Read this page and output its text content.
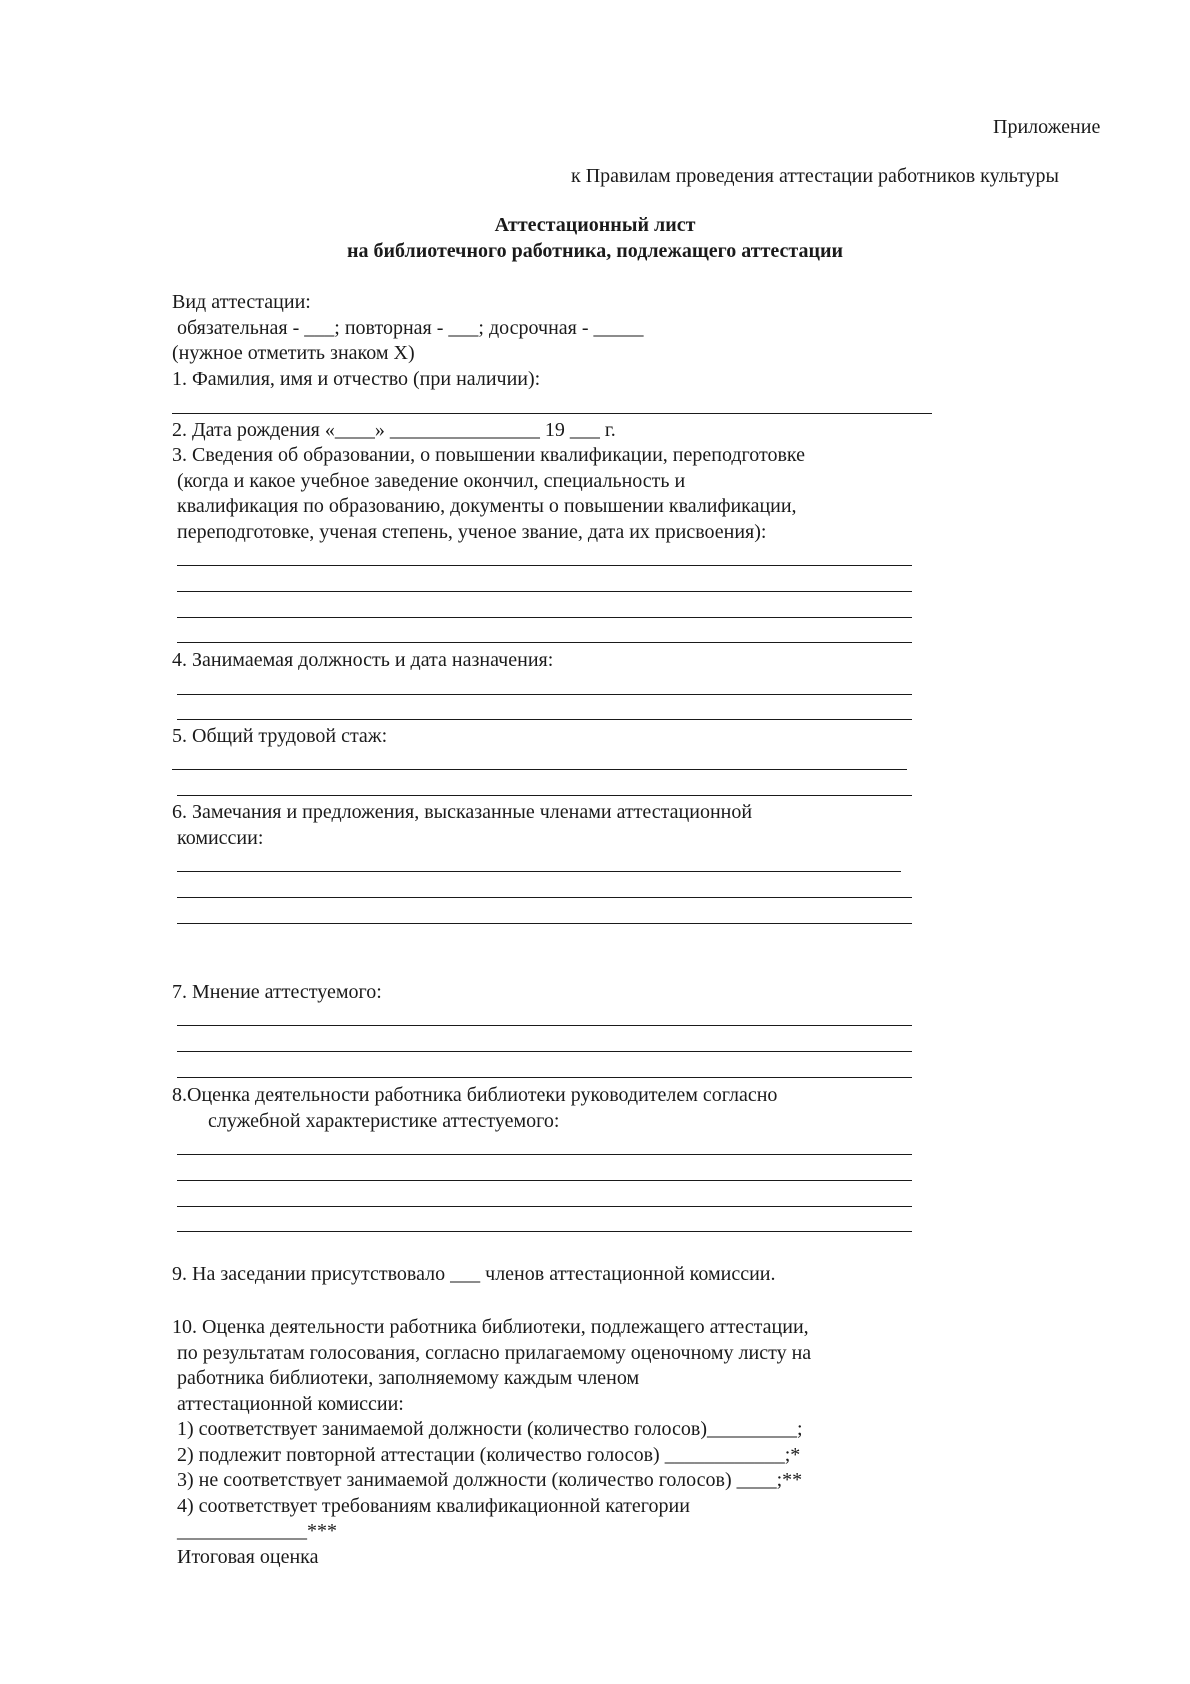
Приложение
к Правилам проведения аттестации работников культуры
Аттестационный лист
на библиотечного работника, подлежащего аттестации
Вид аттестации:
обязательная - ___; повторная - ___; досрочная - _____
(нужное отметить знаком Х)
1. Фамилия, имя и отчество (при наличии):
2. Дата рождения «____» _______________ 19 ___ г.
3. Сведения об образовании, о повышении квалификации, переподготовке
(когда и какое учебное заведение окончил, специальность и
квалификация по образованию, документы о повышении квалификации,
переподготовке, ученая степень, ученое звание, дата их присвоения):
4. Занимаемая должность и дата назначения:
5. Общий трудовой стаж:
6. Замечания и предложения, высказанные членами аттестационной
комиссии:
7. Мнение аттестуемого:
8.Оценка деятельности работника библиотеки руководителем согласно
служебной характеристике аттестуемого:
9. На заседании присутствовало ___ членов аттестационной комиссии.
10. Оценка деятельности работника библиотеки, подлежащего аттестации,
по результатам голосования, согласно прилагаемому оценочному листу на
работника библиотеки, заполняемому каждым членом
аттестационной комиссии:
1) соответствует занимаемой должности (количество голосов)_________;
2) подлежит повторной аттестации (количество голосов) ____________;*
3) не соответствует занимаемой должности (количество голосов) ____;**
4) соответствует требованиям квалификационной категории
_____________***
Итоговая оценка
